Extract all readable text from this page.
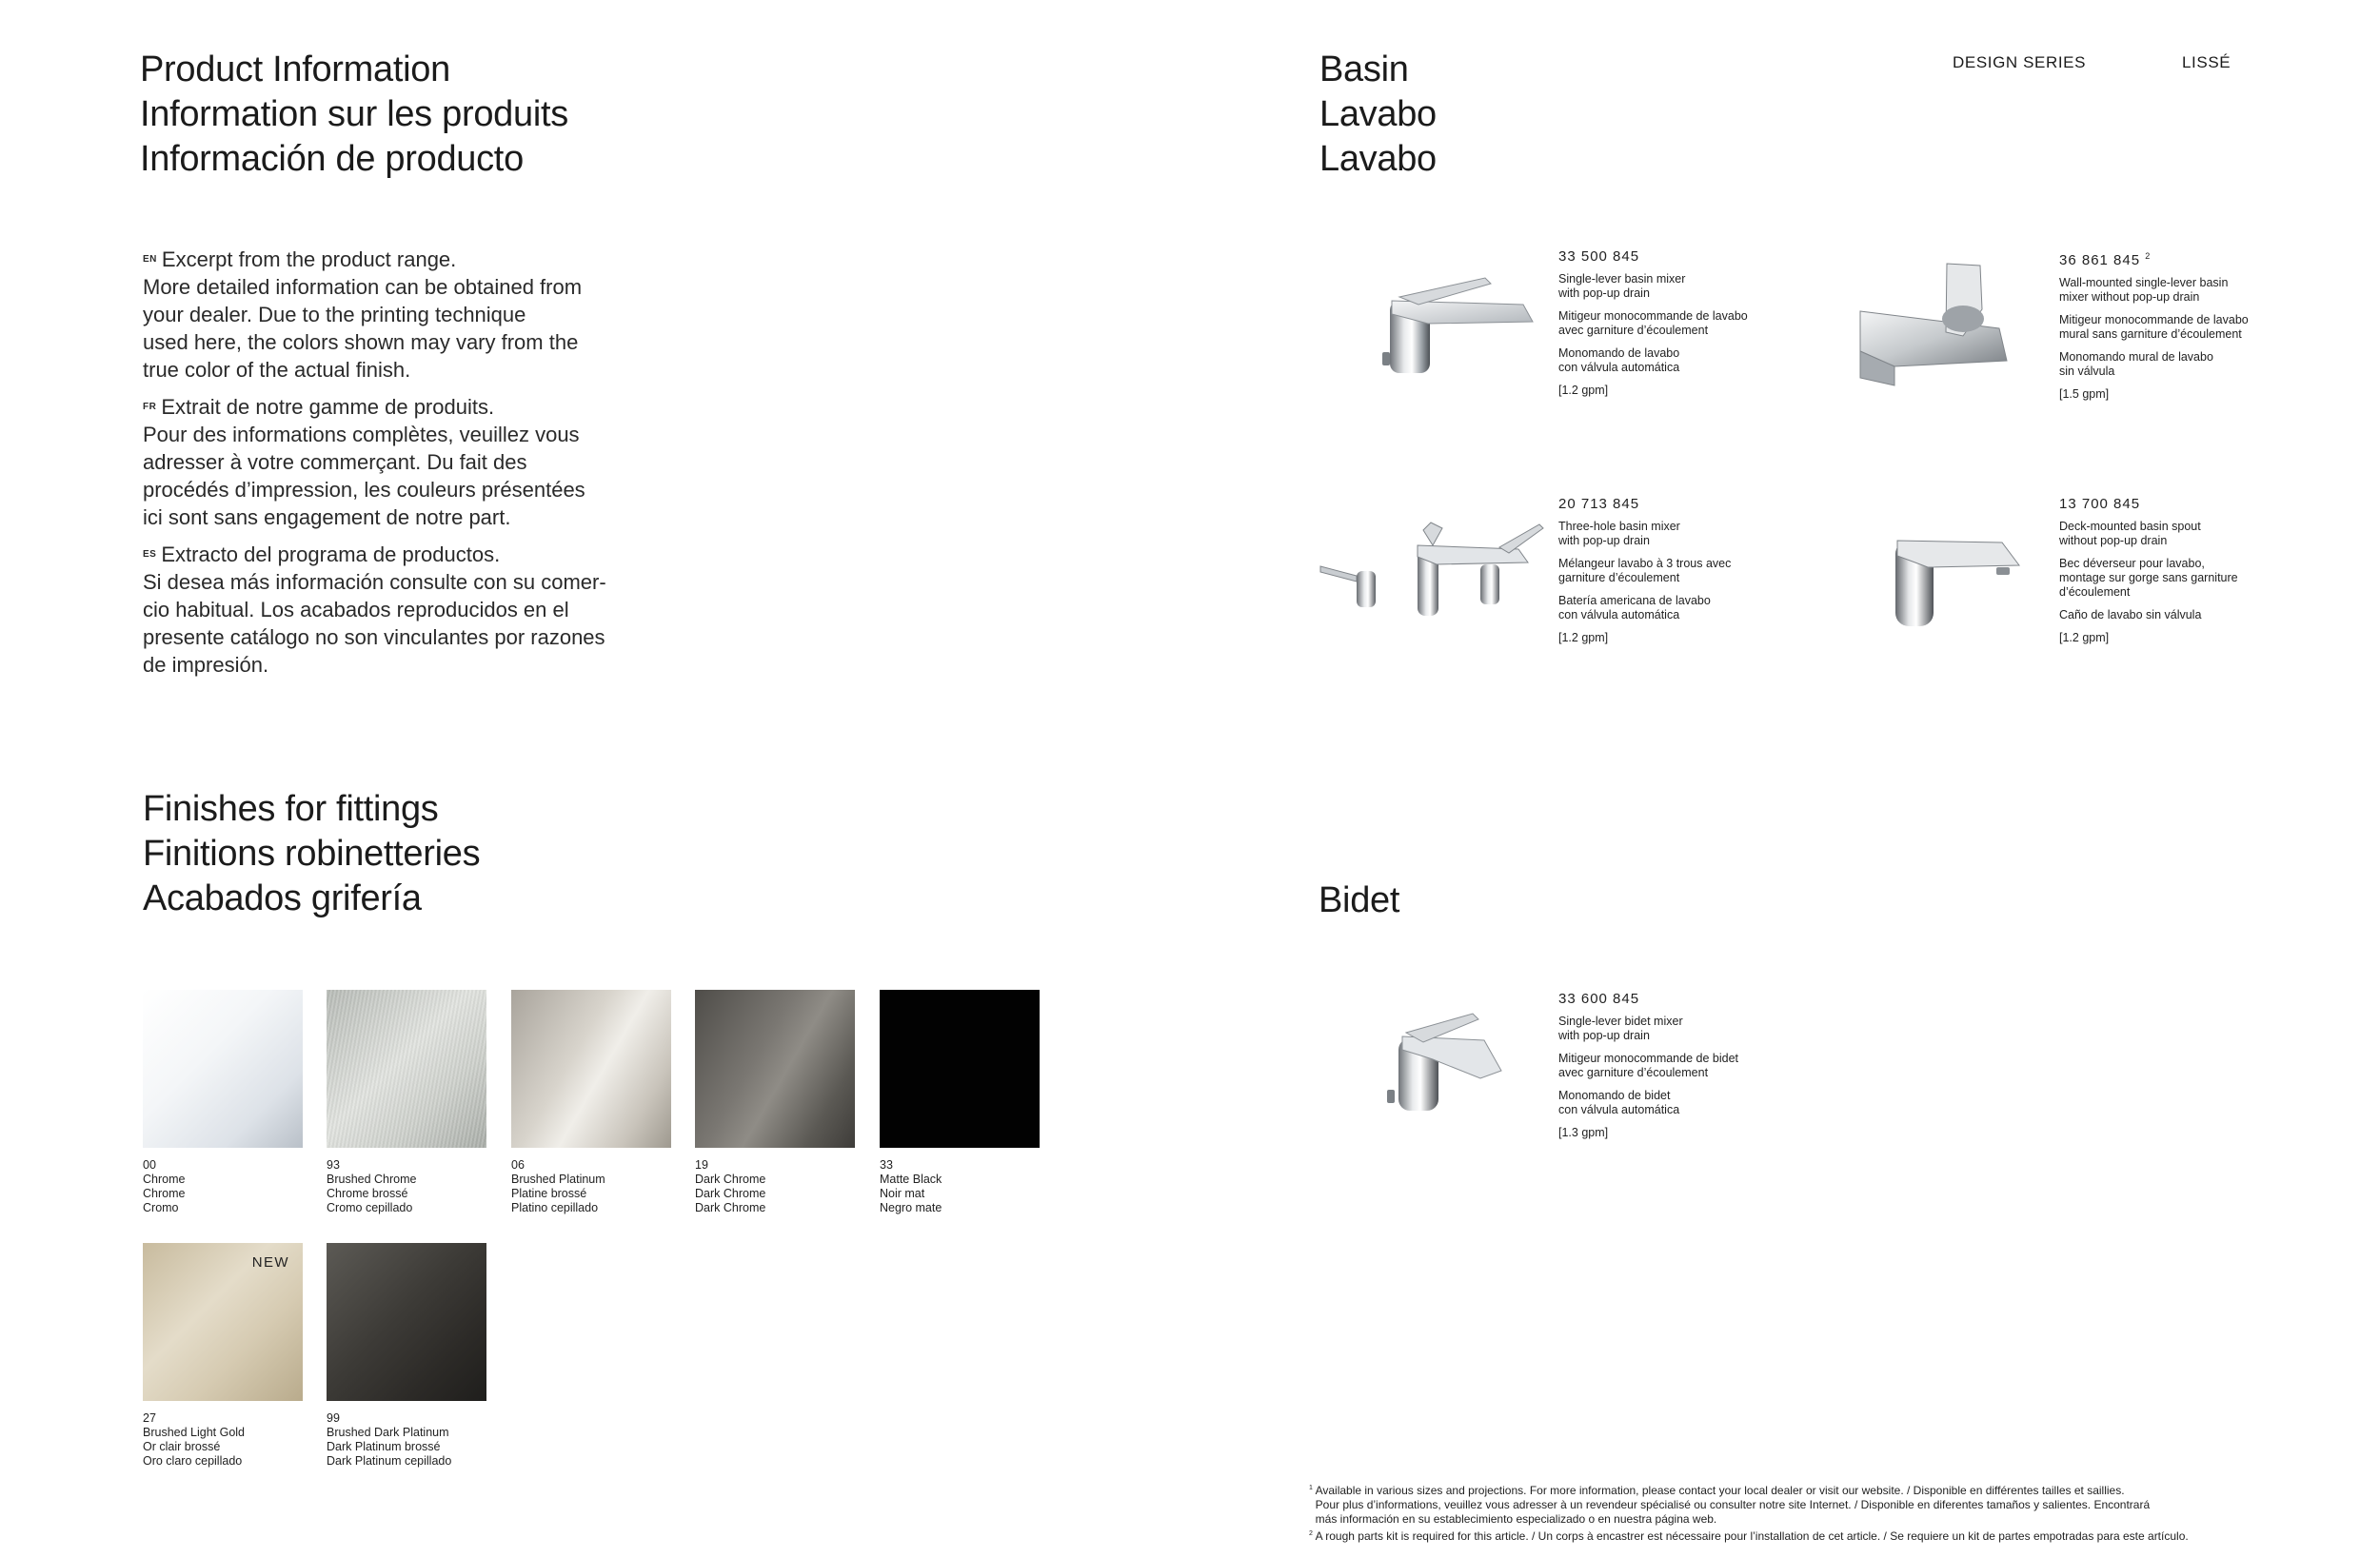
Product Information
Information sur les produits
Información de producto

$^{EN}$ Excerpt from the product range.
More detailed information can be obtained from
your dealer. Due to the printing technique
used here, the colors shown may vary from the
true color of the actual finish.

$^{FR}$ Extrait de notre gamme de produits.
Pour des informations complètes, veuillez vous
adresser à votre commerçant. Du fait des
procédés d’impression, les couleurs présentées
ici sont sans engagement de notre part.

$^{ES}$ Extracto del programa de productos.
Si desea más información consulte con su comer-
cio habitual. Los acabados reproducidos en el
presente catálogo no son vinculantes por razones
de impresión.

Finishes for fittings
Finitions robinetteries
Acabados grifería
00
Chrome
Chrome
Cromo
93
Brushed Chrome
Chrome brossé
Cromo cepillado
06
Brushed Platinum
Platine brossé
Platino cepillado
19
Dark Chrome
Dark Chrome
Dark Chrome
33
Matte Black
Noir mat
Negro mate
NEW
27
Brushed Light Gold
Or clair brossé
Oro claro cepillado
99
Brushed Dark Platinum
Dark Platinum brossé
Dark Platinum cepillado
Basin
Lavabo
Lavabo
DESIGN SERIES	LISSÉ
33 500 845
Single-lever basin mixer
with pop-up drain
Mitigeur monocommande de lavabo
avec garniture d’écoulement
Monomando de lavabo
con válvula automática
[1.2 gpm]
36 861 845 $^2$
Wall-mounted single-lever basin
mixer without pop-up drain
Mitigeur monocommande de lavabo
mural sans garniture d’écoulement
Monomando mural de lavabo
sin válvula
[1.5 gpm]
20 713 845
Three-hole basin mixer
with pop-up drain
Mélangeur lavabo à 3 trous avec
garniture d’écoulement
Batería americana de lavabo
con válvula automática
[1.2 gpm]
13 700 845
Deck-mounted basin spout
without pop-up drain
Bec déverseur pour lavabo,
montage sur gorge sans garniture
d’écoulement
Caño de lavabo sin válvula
[1.2 gpm]
Bidet
33 600 845
Single-lever bidet mixer
with pop-up drain
Mitigeur monocommande de bidet
avec garniture d’écoulement
Monomando de bidet
con válvula automática
[1.3 gpm]
$^1$ Available in various sizes and projections. For more information, please contact your local dealer or visit our website. / Disponible en différentes tailles et saillies.
Pour plus d’informations, veuillez vous adresser à un revendeur spécialisé ou consulter notre site Internet. / Disponible en diferentes tamaños y salientes. Encontrará
más información en su establecimiento especializado o en nuestra página web.
$^2$ A rough parts kit is required for this article. / Un corps à encastrer est nécessaire pour l’installation de cet article. / Se requiere un kit de partes empotradas para este artículo.
